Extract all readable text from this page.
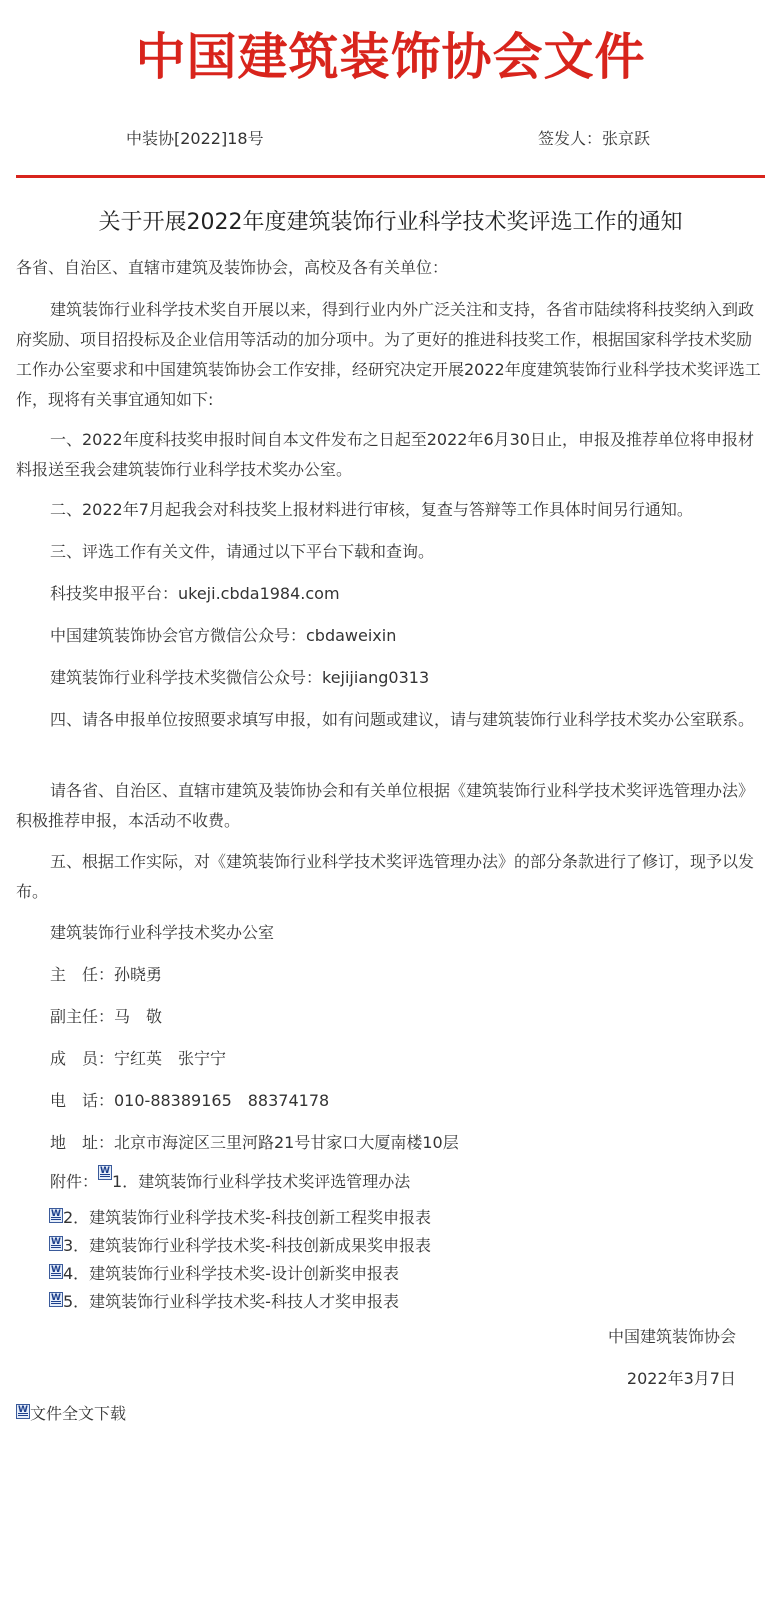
中国建筑装饰协会文件
中装协[2022]18号	签发人：张京跃
关于开展2022年度建筑装饰行业科学技术奖评选工作的通知

各省、自治区、直辖市建筑及装饰协会，高校及各有关单位：

建筑装饰行业科学技术奖自开展以来，得到行业内外广泛关注和支持，各省市陆续将科技奖纳入到政府奖励、项目招投标及企业信用等活动的加分项中。为了更好的推进科技奖工作，根据国家科学技术奖励工作办公室要求和中国建筑装饰协会工作安排，经研究决定开展2022年度建筑装饰行业科学技术奖评选工作，现将有关事宜通知如下:

一、2022年度科技奖申报时间自本文件发布之日起至2022年6月30日止，申报及推荐单位将申报材料报送至我会建筑装饰行业科学技术奖办公室。

二、2022年7月起我会对科技奖上报材料进行审核，复查与答辩等工作具体时间另行通知。

三、评选工作有关文件，请通过以下平台下载和查询。

科技奖申报平台：ukeji.cbda1984.com

中国建筑装饰协会官方微信公众号：cbdaweixin

建筑装饰行业科学技术奖微信公众号：kejijiang0313

四、请各申报单位按照要求填写申报，如有问题或建议，请与建筑装饰行业科学技术奖办公室联系。

请各省、自治区、直辖市建筑及装饰协会和有关单位根据《建筑装饰行业科学技术奖评选管理办法》积极推荐申报，本活动不收费。

五、根据工作实际，对《建筑装饰行业科学技术奖评选管理办法》的部分条款进行了修订，现予以发布。

建筑装饰行业科学技术奖办公室

主　任：孙晓勇

副主任：马　敬

成　员：宁红英　张宁宁

电　话：010-88389165　88374178

地　址：北京市海淀区三里河路21号甘家口大厦南楼10层

附件：W 1．建筑装饰行业科学技术奖评选管理办法
W2．建筑装饰行业科学技术奖-科技创新工程奖申报表
W3．建筑装饰行业科学技术奖-科技创新成果奖申报表
W4．建筑装饰行业科学技术奖-设计创新奖申报表
W5．建筑装饰行业科学技术奖-科技人才奖申报表
中国建筑装饰协会
2022年3月7日
W文件全文下载
